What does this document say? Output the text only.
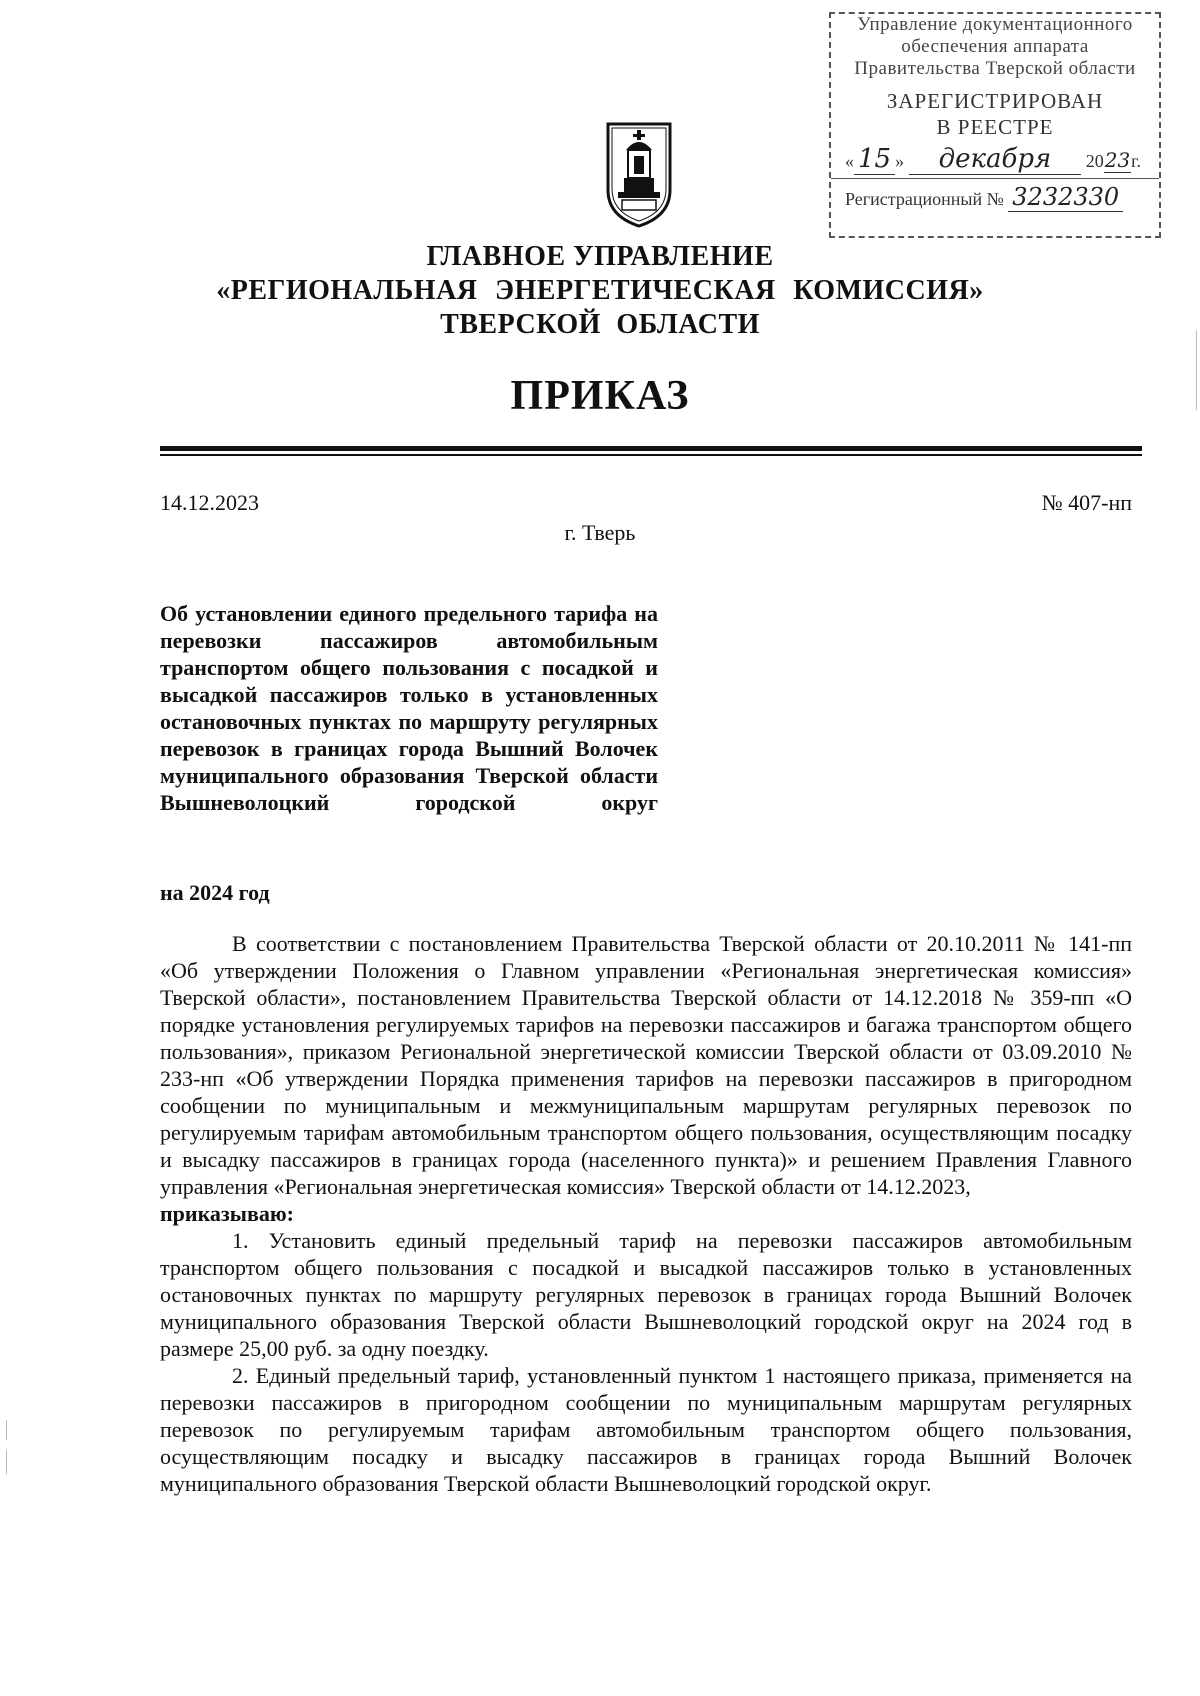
Управление документационного
обеспечения аппарата
Правительства Тверской области
ЗАРЕГИСТРИРОВАН
В РЕЕСТРЕ
« 15 » декабря 2023г.
Регистрационный № 3232330
ГЛАВНОЕ УПРАВЛЕНИЕ
«РЕГИОНАЛЬНАЯ ЭНЕРГЕТИЧЕСКАЯ КОМИССИЯ»
ТВЕРСКОЙ ОБЛАСТИ
ПРИКАЗ
14.12.2023	№ 407-нп
г. Тверь
Об установлении единого предельного тарифа на перевозки пассажиров автомобильным транспортом общего пользования с посадкой и высадкой пассажиров только в установленных остановочных пунктах по маршруту регулярных перевозок в границах города Вышний Волочек муниципального образования Тверской области Вышневолоцкий городской округ
на 2024 год

В соответствии с постановлением Правительства Тверской области от 20.10.2011 № 141-пп «Об утверждении Положения о Главном управлении «Региональная энергетическая комиссия» Тверской области», постановлением Правительства Тверской области от 14.12.2018 № 359-пп «О порядке установления регулируемых тарифов на перевозки пассажиров и багажа транспортом общего пользования», приказом Региональной энергетической комиссии Тверской области от 03.09.2010 № 233-нп «Об утверждении Порядка применения тарифов на перевозки пассажиров в пригородном сообщении по муниципальным и межмуниципальным маршрутам регулярных перевозок по регулируемым тарифам автомобильным транспортом общего пользования, осуществляющим посадку и высадку пассажиров в границах города (населенного пункта)» и решением Правления Главного управления «Региональная энергетическая комиссия» Тверской области от 14.12.2023,

приказываю:

1. Установить единый предельный тариф на перевозки пассажиров автомобильным транспортом общего пользования с посадкой и высадкой пассажиров только в установленных остановочных пунктах по маршруту регулярных перевозок в границах города Вышний Волочек муниципального образования Тверской области Вышневолоцкий городской округ на 2024 год в размере 25,00 руб. за одну поездку.

2. Единый предельный тариф, установленный пунктом 1 настоящего приказа, применяется на перевозки пассажиров в пригородном сообщении по муниципальным маршрутам регулярных перевозок по регулируемым тарифам автомобильным транспортом общего пользования, осуществляющим посадку и высадку пассажиров в границах города Вышний Волочек муниципального образования Тверской области Вышневолоцкий городской округ.
